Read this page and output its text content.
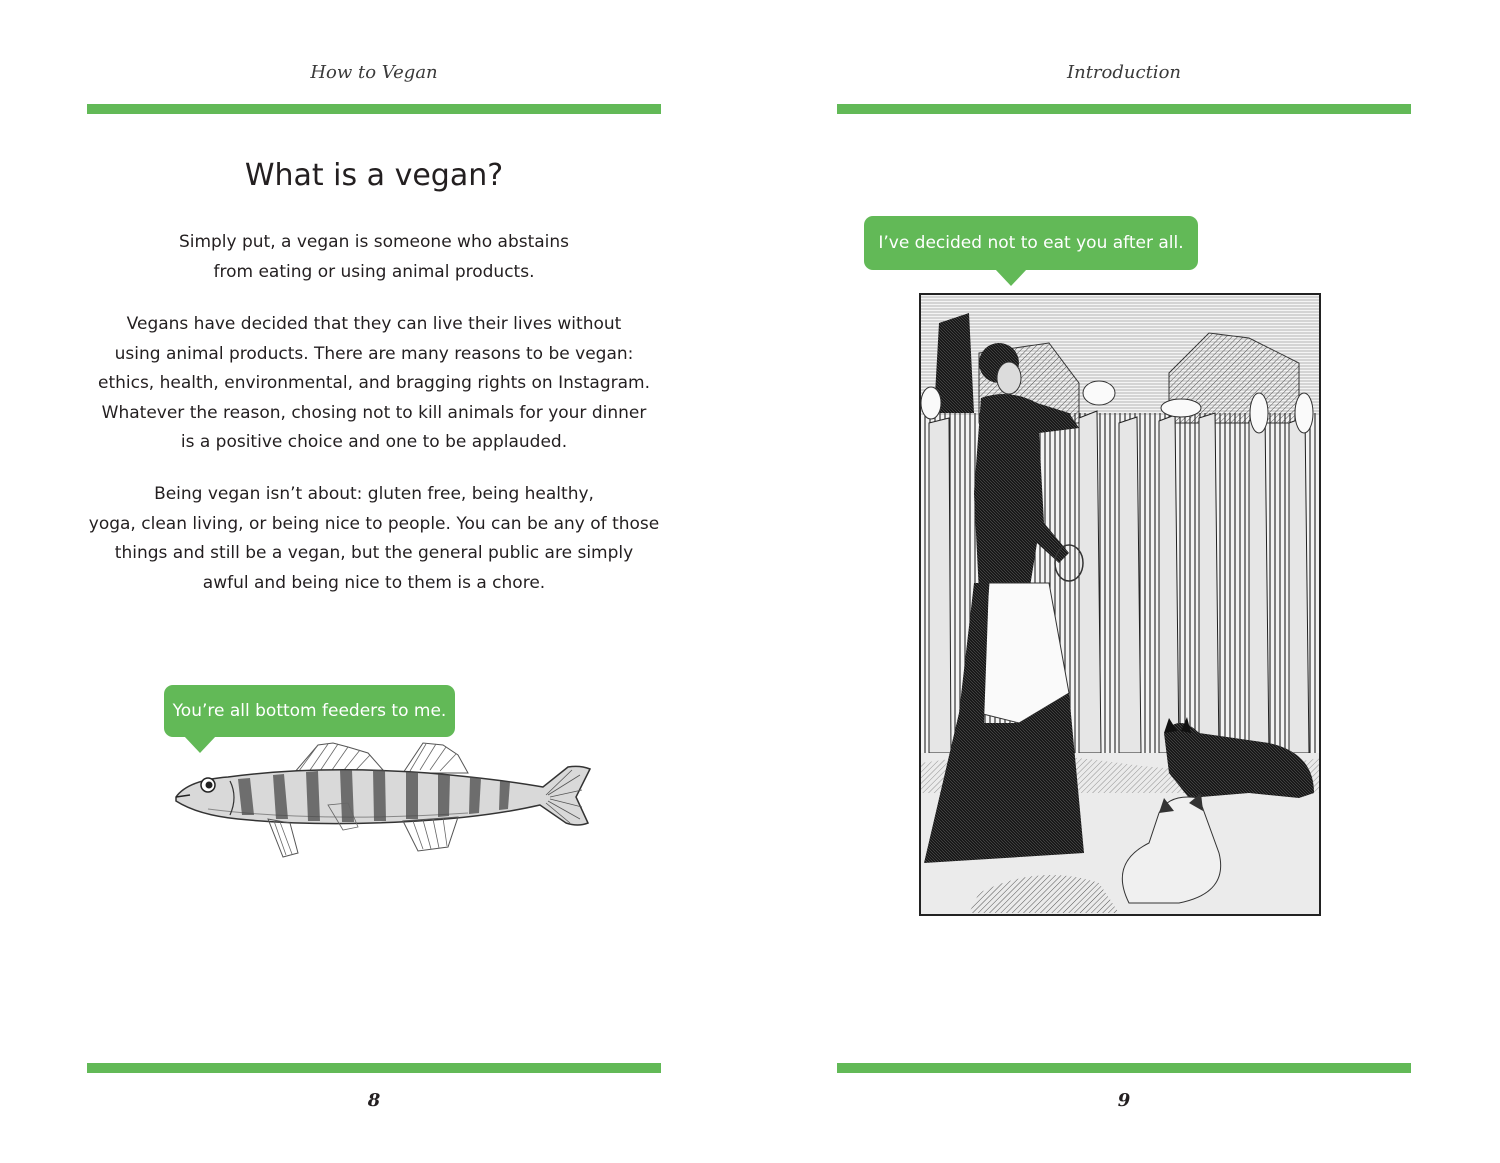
How to Vegan
What is a vegan?

Simply put, a vegan is someone who abstains
from eating or using animal products.

Vegans have decided that they can live their lives without
using animal products. There are many reasons to be vegan:
ethics, health, environmental, and bragging rights on Instagram.
Whatever the reason, chosing not to kill animals for your dinner
is a positive choice and one to be applauded.

Being vegan isn’t about: gluten free, being healthy,
yoga, clean living, or being nice to people. You can be any of those
things and still be a vegan, but the general public are simply
awful and being nice to them is a chore.

You’re all bottom feeders to me.
8
Introduction
I’ve decided not to eat you after all.
9
